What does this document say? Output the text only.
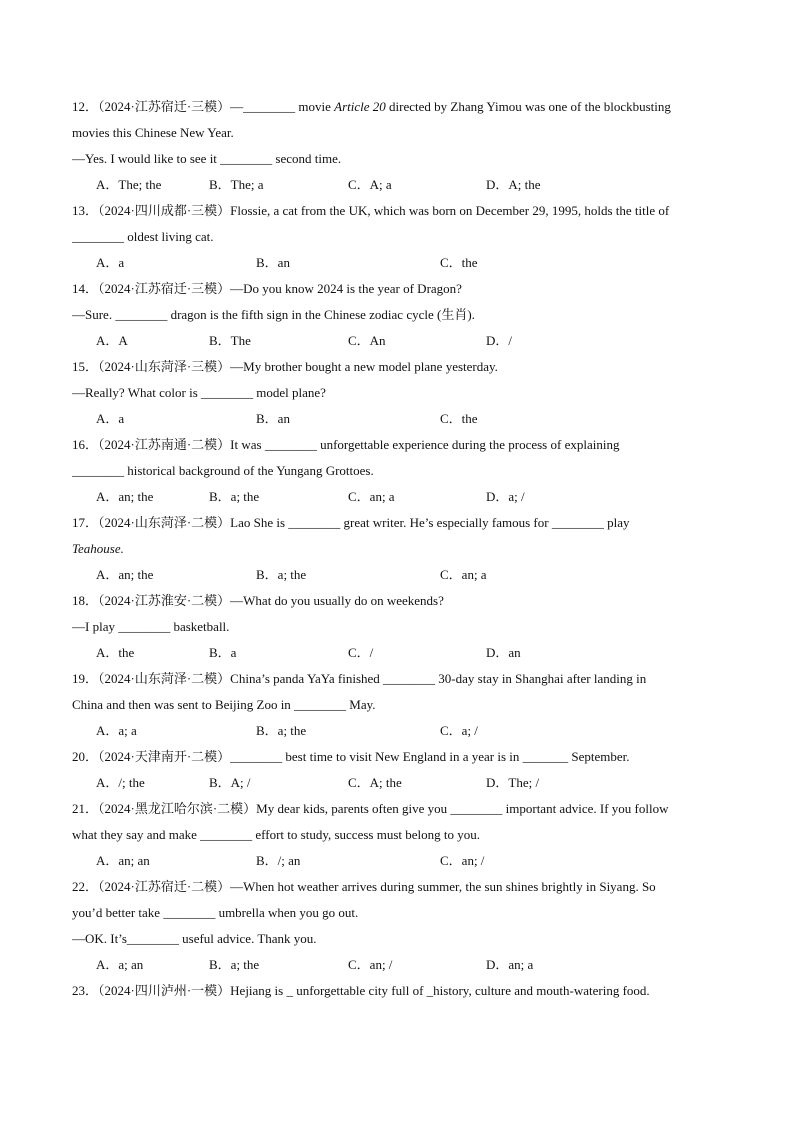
12．（2024·江苏宿迁·三模）—________ movie Article 20 directed by Zhang Yimou was one of the blockbusting
movies this Chinese New Year.
—Yes. I would like to see it ________ second time.
A．The; the	B．The; a	C．A; a	D．A; the
13．（2024·四川成都·三模）Flossie, a cat from the UK, which was born on December 29, 1995, holds the title of
________ oldest living cat.
A．a	B．an	C．the
14．（2024·江苏宿迁·三模）—Do you know 2024 is the year of Dragon?
—Sure. ________ dragon is the fifth sign in the Chinese zodiac cycle (生肖).
A．A	B．The	C．An	D．/
15．（2024·山东菏泽·三模）—My brother bought a new model plane yesterday.
—Really? What color is ________ model plane?
A．a	B．an	C．the
16．（2024·江苏南通·二模）It was ________ unforgettable experience during the process of explaining
________ historical background of the Yungang Grottoes.
A．an; the	B．a; the	C．an; a	D．a; /
17．（2024·山东菏泽·二模）Lao She is ________ great writer. He’s especially famous for ________ play
Teahouse.
A．an; the	B．a; the	C．an; a
18．（2024·江苏淮安·二模）—What do you usually do on weekends?
—I play ________ basketball.
A．the	B．a	C．/	D．an
19．（2024·山东菏泽·二模）China’s panda YaYa finished ________ 30-day stay in Shanghai after landing in
China and then was sent to Beijing Zoo in ________ May.
A．a; a	B．a; the	C．a; /
20．（2024·天津南开·二模）________ best time to visit New England in a year is in _______ September.
A．/; the	B．A; /	C．A; the	D．The; /
21．（2024·黑龙江哈尔滨·二模）My dear kids, parents often give you ________ important advice. If you follow
what they say and make ________ effort to study, success must belong to you.
A．an; an	B．/; an	C．an; /
22．（2024·江苏宿迁·二模）—When hot weather arrives during summer, the sun shines brightly in Siyang. So
you’d better take ________ umbrella when you go out.
—OK. It’s________ useful advice. Thank you.
A．a; an	B．a; the	C．an; /	D．an; a
23．（2024·四川泸州·一模）Hejiang is _ unforgettable city full of _history, culture and mouth-watering food.
